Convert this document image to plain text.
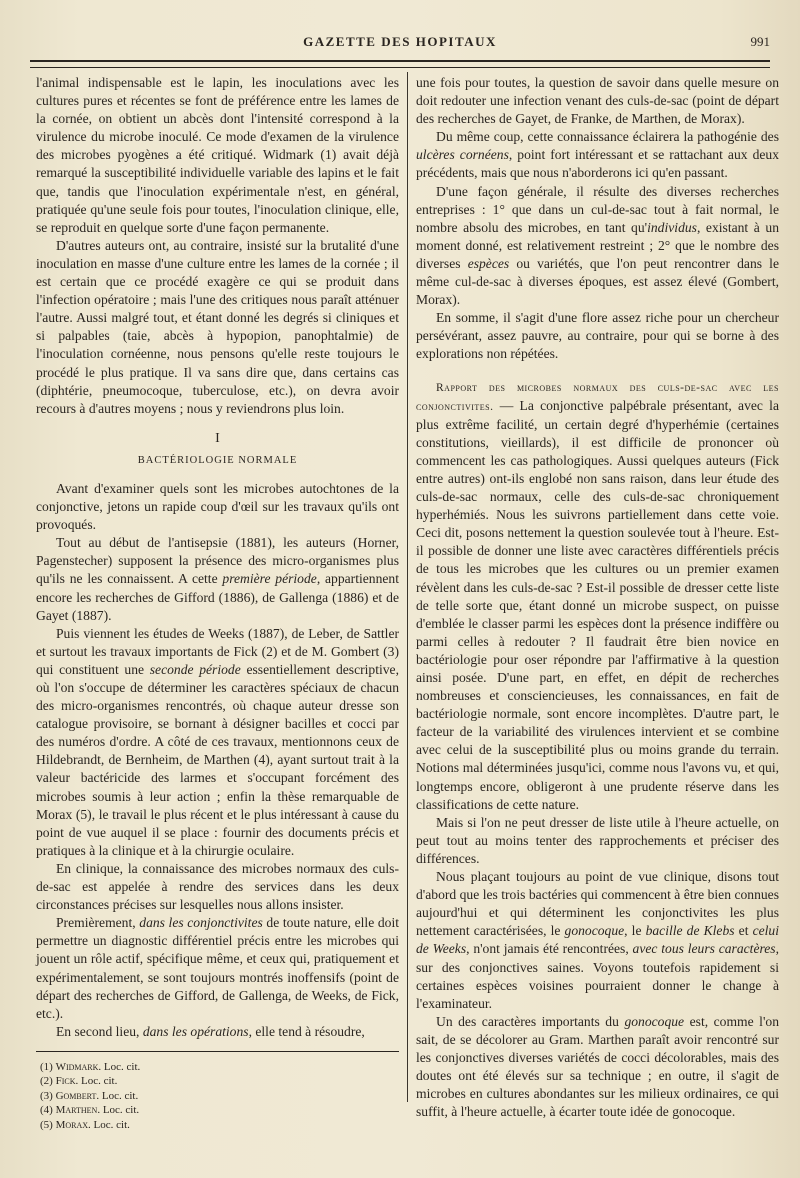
GAZETTE DES HOPITAUX	991

l'animal indispensable est le lapin, les inoculations avec les cultures pures et récentes se font de préférence entre les lames de la cornée, on obtient un abcès dont l'intensité correspond à la virulence du microbe inoculé. Ce mode d'examen de la virulence des microbes pyogènes a été critiqué. Widmark (1) avait déjà remarqué la susceptibilité individuelle variable des lapins et le fait que, tandis que l'inoculation expérimentale n'est, en général, pratiquée qu'une seule fois pour toutes, l'inoculation clinique, elle, se reproduit en quelque sorte d'une façon permanente.

D'autres auteurs ont, au contraire, insisté sur la brutalité d'une inoculation en masse d'une culture entre les lames de la cornée ; il est certain que ce procédé exagère ce qui se produit dans l'infection opératoire ; mais l'une des critiques nous paraît atténuer l'autre. Aussi malgré tout, et étant donné les degrés si cliniques et si palpables (taie, abcès à hypopion, panophtalmie) de l'inoculation cornéenne, nous pensons qu'elle reste toujours le procédé le plus pratique. Il va sans dire que, dans certains cas (diphtérie, pneumocoque, tuberculose, etc.), on devra avoir recours à d'autres moyens ; nous y reviendrons plus loin.

I
BACTÉRIOLOGIE NORMALE

Avant d'examiner quels sont les microbes autochtones de la conjonctive, jetons un rapide coup d'œil sur les travaux qu'ils ont provoqués.

Tout au début de l'antisepsie (1881), les auteurs (Horner, Pagenstecher) supposent la présence des micro-organismes plus qu'ils ne les connaissent. A cette première période, appartiennent encore les recherches de Gifford (1886), de Gallenga (1886) et de Gayet (1887).

Puis viennent les études de Weeks (1887), de Leber, de Sattler et surtout les travaux importants de Fick (2) et de M. Gombert (3) qui constituent une seconde période essentiellement descriptive, où l'on s'occupe de déterminer les caractères spéciaux de chacun des micro-organismes rencontrés, où chaque auteur dresse son catalogue provisoire, se bornant à désigner bacilles et cocci par des numéros d'ordre. A côté de ces travaux, mentionnons ceux de Hildebrandt, de Bernheim, de Marthen (4), ayant surtout trait à la valeur bactéricide des larmes et s'occupant forcément des microbes soumis à leur action ; enfin la thèse remarquable de Morax (5), le travail le plus récent et le plus intéressant à cause du point de vue auquel il se place : fournir des documents précis et pratiques à la clinique et à la chirurgie oculaire.

En clinique, la connaissance des microbes normaux des culs-de-sac est appelée à rendre des services dans les deux circonstances précises sur lesquelles nous allons insister.

Premièrement, dans les conjonctivites de toute nature, elle doit permettre un diagnostic différentiel précis entre les microbes qui jouent un rôle actif, spécifique même, et ceux qui, pratiquement et expérimentalement, se sont toujours montrés inoffensifs (point de départ des recherches de Gifford, de Gallenga, de Weeks, de Fick, etc.).

En second lieu, dans les opérations, elle tend à résoudre,

(1) Widmark. Loc. cit.
(2) Fick. Loc. cit.
(3) Gombert. Loc. cit.
(4) Marthen. Loc. cit.
(5) Morax. Loc. cit.

une fois pour toutes, la question de savoir dans quelle mesure on doit redouter une infection venant des culs-de-sac (point de départ des recherches de Gayet, de Franke, de Marthen, de Morax).

Du même coup, cette connaissance éclairera la pathogénie des ulcères cornéens, point fort intéressant et se rattachant aux deux précédents, mais que nous n'aborderons ici qu'en passant.

D'une façon générale, il résulte des diverses recherches entreprises : 1° que dans un cul-de-sac tout à fait normal, le nombre absolu des microbes, en tant qu'individus, existant à un moment donné, est relativement restreint ; 2° que le nombre des diverses espèces ou variétés, que l'on peut rencontrer dans le même cul-de-sac à diverses époques, est assez élevé (Gombert, Morax).

En somme, il s'agit d'une flore assez riche pour un chercheur persévérant, assez pauvre, au contraire, pour qui se borne à des explorations non répétées.

Rapport des microbes normaux des culs-de-sac avec les conjonctivites. — La conjonctive palpébrale présentant, avec la plus extrême facilité, un certain degré d'hyperhémie (certaines constitutions, vieillards), il est difficile de prononcer où commencent les cas pathologiques. Aussi quelques auteurs (Fick entre autres) ont-ils englobé non sans raison, dans leur étude des culs-de-sac normaux, celle des culs-de-sac chroniquement hyperhémiés. Nous les suivrons partiellement dans cette voie. Ceci dit, posons nettement la question soulevée tout à l'heure. Est-il possible de donner une liste avec caractères différentiels précis de tous les microbes que les cultures ou un premier examen révèlent dans les culs-de-sac ? Est-il possible de dresser cette liste de telle sorte que, étant donné un microbe suspect, on puisse d'emblée le classer parmi les espèces dont la présence indiffère ou parmi celles à redouter ? Il faudrait être bien novice en bactériologie pour oser répondre par l'affirmative à la question ainsi posée. D'une part, en effet, en dépit de recherches nombreuses et consciencieuses, les connaissances, en fait de bactériologie normale, sont encore incomplètes. D'autre part, le facteur de la variabilité des virulences intervient et se combine avec celui de la susceptibilité plus ou moins grande du terrain. Notions mal déterminées jusqu'ici, comme nous l'avons vu, et qui, longtemps encore, obligeront à une prudente réserve dans les classifications de cette nature.

Mais si l'on ne peut dresser de liste utile à l'heure actuelle, on peut tout au moins tenter des rapprochements et préciser des différences.

Nous plaçant toujours au point de vue clinique, disons tout d'abord que les trois bactéries qui commencent à être bien connues aujourd'hui et qui déterminent les conjonctivites les plus nettement caractérisées, le gonocoque, le bacille de Klebs et celui de Weeks, n'ont jamais été rencontrées, avec tous leurs caractères, sur des conjonctives saines. Voyons toutefois rapidement si certaines espèces voisines pourraient donner le change à l'examinateur.

Un des caractères importants du gonocoque est, comme l'on sait, de se décolorer au Gram. Marthen paraît avoir rencontré sur les conjonctives diverses variétés de cocci décolorables, mais des doutes ont été élevés sur sa technique ; en outre, il s'agit de microbes en cultures abondantes sur les milieux ordinaires, ce qui suffit, à l'heure actuelle, à écarter toute idée de gonocoque.
